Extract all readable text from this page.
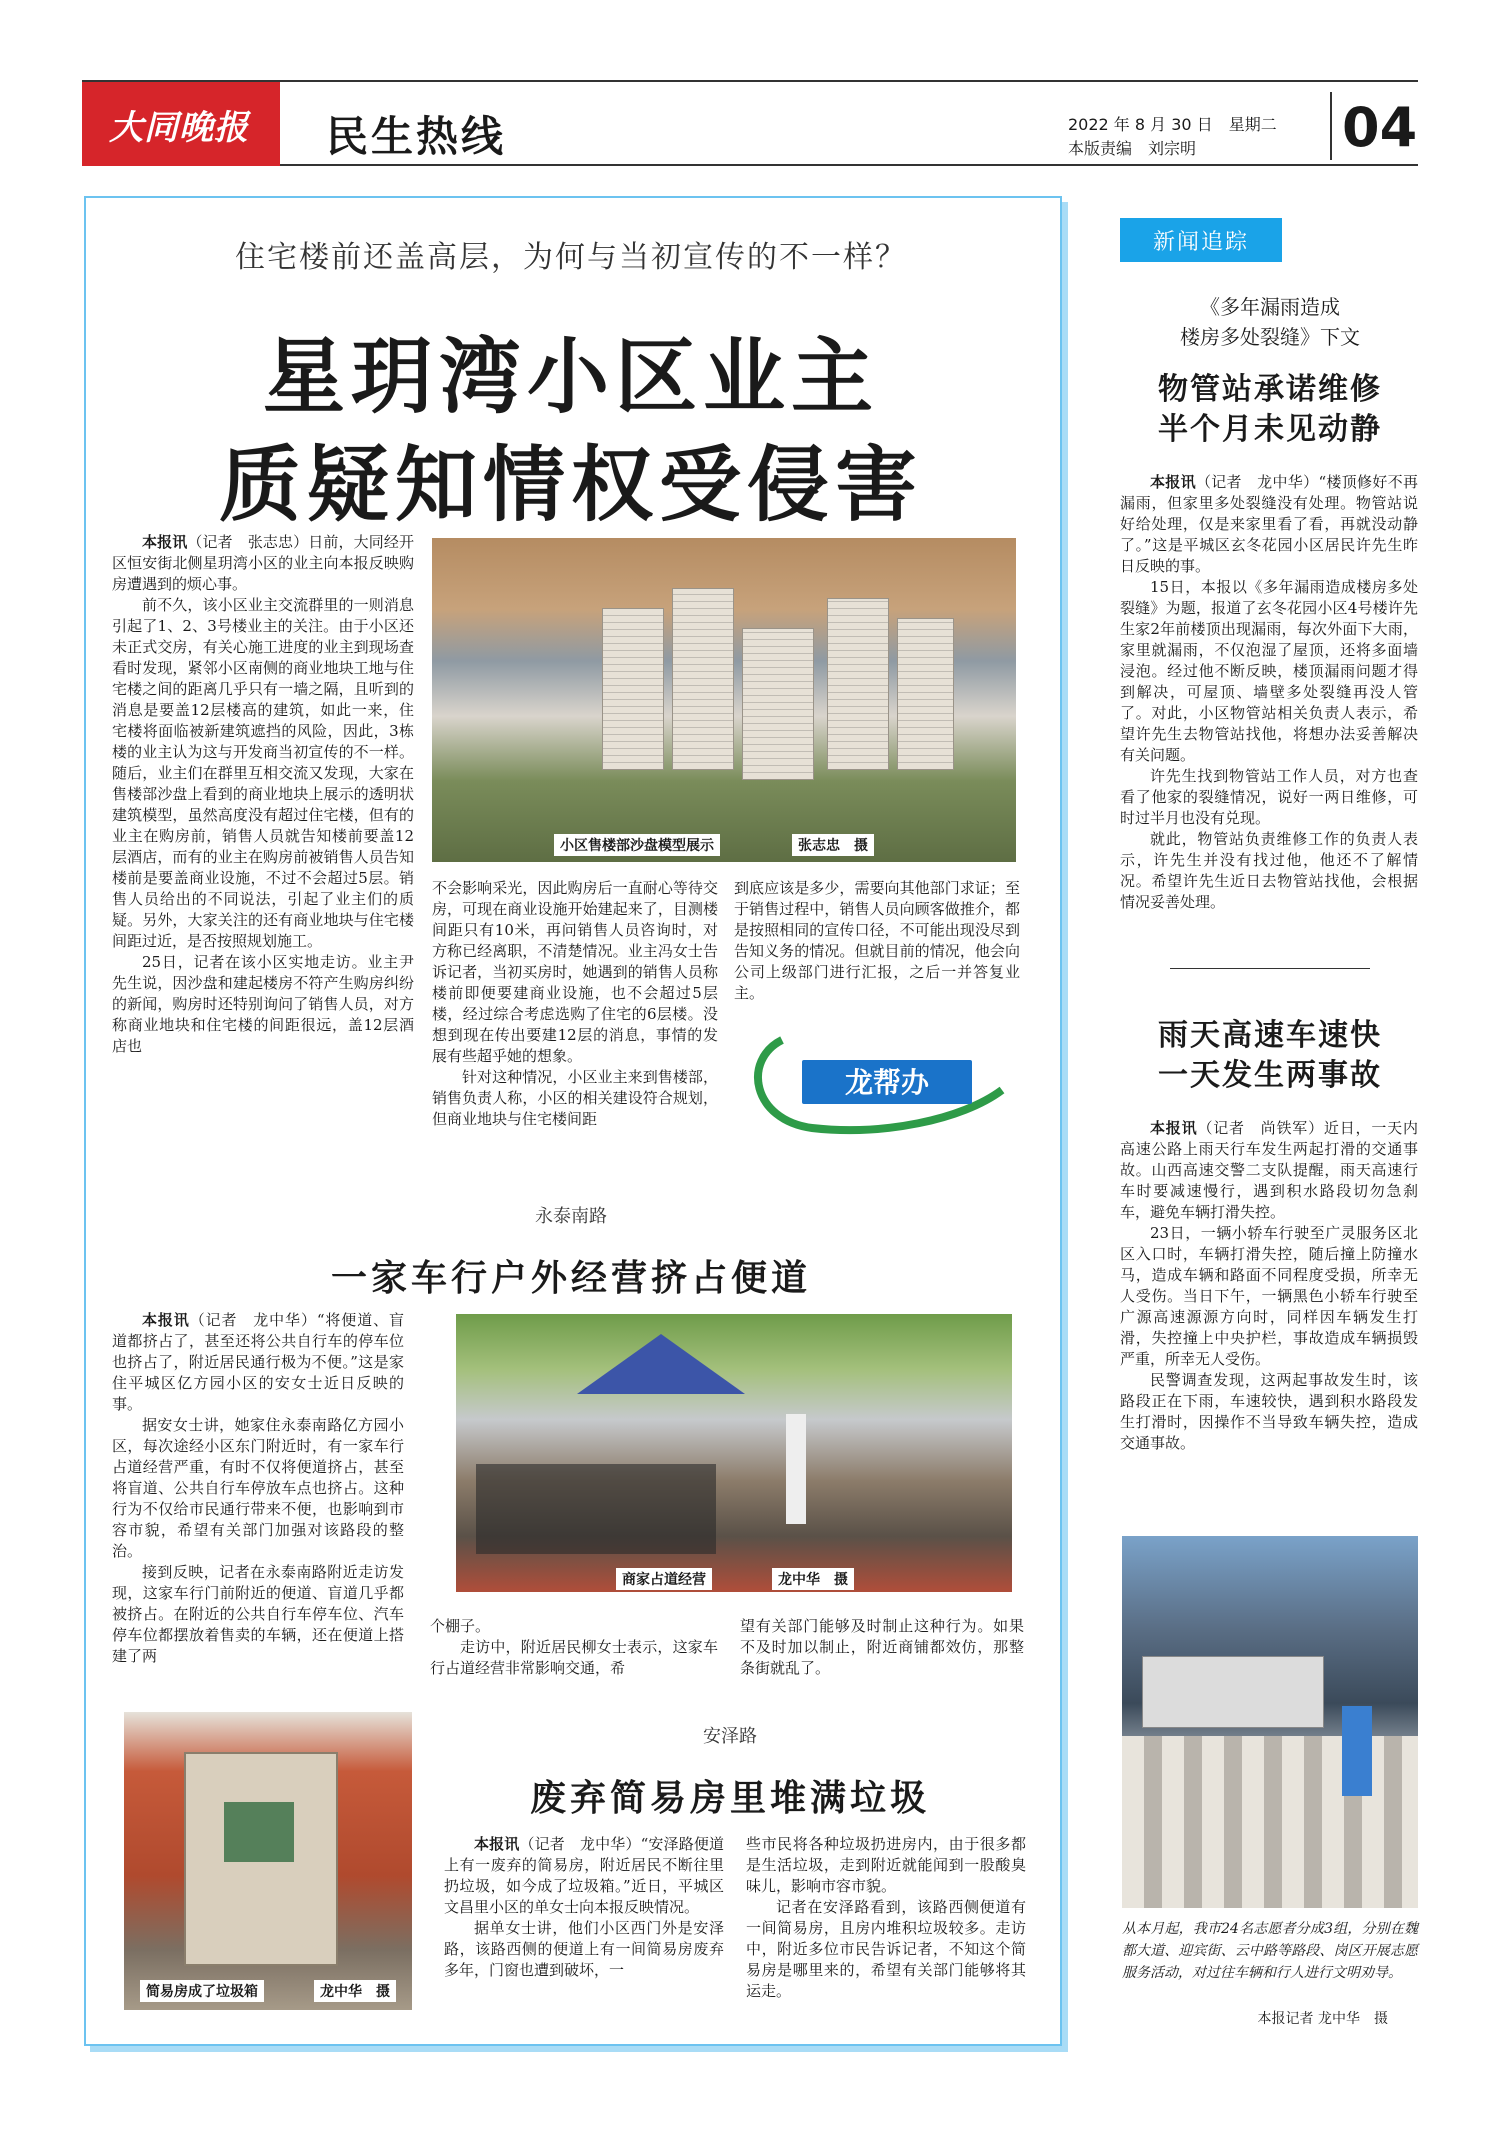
大同晚报 民生热线	2022 年 8 月 30 日　星期二
本版责编　刘宗明	04
住宅楼前还盖高层，为何与当初宣传的不一样？
星玥湾小区业主
质疑知情权受侵害

本报讯（记者　张志忠）日前，大同经开区恒安街北侧星玥湾小区的业主向本报反映购房遭遇到的烦心事。

前不久，该小区业主交流群里的一则消息引起了1、2、3号楼业主的关注。由于小区还未正式交房，有关心施工进度的业主到现场查看时发现，紧邻小区南侧的商业地块工地与住宅楼之间的距离几乎只有一墙之隔，且听到的消息是要盖12层楼高的建筑，如此一来，住宅楼将面临被新建筑遮挡的风险，因此，3栋楼的业主认为这与开发商当初宣传的不一样。随后，业主们在群里互相交流又发现，大家在售楼部沙盘上看到的商业地块上展示的透明状建筑模型，虽然高度没有超过住宅楼，但有的业主在购房前，销售人员就告知楼前要盖12层酒店，而有的业主在购房前被销售人员告知楼前是要盖商业设施，不过不会超过5层。销售人员给出的不同说法，引起了业主们的质疑。另外，大家关注的还有商业地块与住宅楼间距过近，是否按照规划施工。

25日，记者在该小区实地走访。业主尹先生说，因沙盘和建起楼房不符产生购房纠纷的新闻，购房时还特别询问了销售人员，对方称商业地块和住宅楼的间距很远，盖12层酒店也

小区售楼部沙盘模型展示	张志忠　摄

不会影响采光，因此购房后一直耐心等待交房，可现在商业设施开始建起来了，目测楼间距只有10米，再问销售人员咨询时，对方称已经离职，不清楚情况。业主冯女士告诉记者，当初买房时，她遇到的销售人员称楼前即便要建商业设施，也不会超过5层楼，经过综合考虑选购了住宅的6层楼。没想到现在传出要建12层的消息，事情的发展有些超乎她的想象。

针对这种情况，小区业主来到售楼部，销售负责人称，小区的相关建设符合规划，但商业地块与住宅楼间距

到底应该是多少，需要向其他部门求证；至于销售过程中，销售人员向顾客做推介，都是按照相同的宣传口径，不可能出现没尽到告知义务的情况。但就目前的情况，他会向公司上级部门进行汇报，之后一并答复业主。

龙帮办
永泰南路
一家车行户外经营挤占便道

本报讯（记者　龙中华）“将便道、盲道都挤占了，甚至还将公共自行车的停车位也挤占了，附近居民通行极为不便。”这是家住平城区亿方园小区的安女士近日反映的事。

据安女士讲，她家住永泰南路亿方园小区，每次途经小区东门附近时，有一家车行占道经营严重，有时不仅将便道挤占，甚至将盲道、公共自行车停放车点也挤占。这种行为不仅给市民通行带来不便，也影响到市容市貌，希望有关部门加强对该路段的整治。

接到反映，记者在永泰南路附近走访发现，这家车行门前附近的便道、盲道几乎都被挤占。在附近的公共自行车停车位、汽车停车位都摆放着售卖的车辆，还在便道上搭建了两

商家占道经营	龙中华　摄

个棚子。

走访中，附近居民柳女士表示，这家车行占道经营非常影响交通，希

望有关部门能够及时制止这种行为。如果不及时加以制止，附近商铺都效仿，那整条街就乱了。

简易房成了垃圾箱	龙中华　摄
安泽路
废弃简易房里堆满垃圾

本报讯（记者　龙中华）“安泽路便道上有一废弃的简易房，附近居民不断往里扔垃圾，如今成了垃圾箱。”近日，平城区文昌里小区的单女士向本报反映情况。

据单女士讲，他们小区西门外是安泽路，该路西侧的便道上有一间简易房废弃多年，门窗也遭到破坏，一

些市民将各种垃圾扔进房内，由于很多都是生活垃圾，走到附近就能闻到一股酸臭味儿，影响市容市貌。

记者在安泽路看到，该路西侧便道有一间简易房，且房内堆积垃圾较多。走访中，附近多位市民告诉记者，不知这个简易房是哪里来的，希望有关部门能够将其运走。

新闻追踪
《多年漏雨造成
楼房多处裂缝》下文
物管站承诺维修
半个月未见动静

本报讯（记者　龙中华）“楼顶修好不再漏雨，但家里多处裂缝没有处理。物管站说好给处理，仅是来家里看了看，再就没动静了。”这是平城区玄冬花园小区居民许先生昨日反映的事。

15日，本报以《多年漏雨造成楼房多处裂缝》为题，报道了玄冬花园小区4号楼许先生家2年前楼顶出现漏雨，每次外面下大雨，家里就漏雨，不仅泡湿了屋顶，还将多面墙浸泡。经过他不断反映，楼顶漏雨问题才得到解决，可屋顶、墙壁多处裂缝再没人管了。对此，小区物管站相关负责人表示，希望许先生去物管站找他，将想办法妥善解决有关问题。

许先生找到物管站工作人员，对方也查看了他家的裂缝情况，说好一两日维修，可时过半月也没有兑现。

就此，物管站负责维修工作的负责人表示，许先生并没有找过他，他还不了解情况。希望许先生近日去物管站找他，会根据情况妥善处理。

雨天高速车速快
一天发生两事故

本报讯（记者　尚铁军）近日，一天内高速公路上雨天行车发生两起打滑的交通事故。山西高速交警二支队提醒，雨天高速行车时要减速慢行，遇到积水路段切勿急刹车，避免车辆打滑失控。

23日，一辆小轿车行驶至广灵服务区北区入口时，车辆打滑失控，随后撞上防撞水马，造成车辆和路面不同程度受损，所幸无人受伤。当日下午，一辆黑色小轿车行驶至广源高速源源方向时，同样因车辆发生打滑，失控撞上中央护栏，事故造成车辆损毁严重，所幸无人受伤。

民警调查发现，这两起事故发生时，该路段正在下雨，车速较快，遇到积水路段发生打滑时，因操作不当导致车辆失控，造成交通事故。

从本月起，我市24名志愿者分成3组，分别在魏都大道、迎宾街、云中路等路段、岗区开展志愿服务活动，对过往车辆和行人进行文明劝导。
本报记者 龙中华　摄
